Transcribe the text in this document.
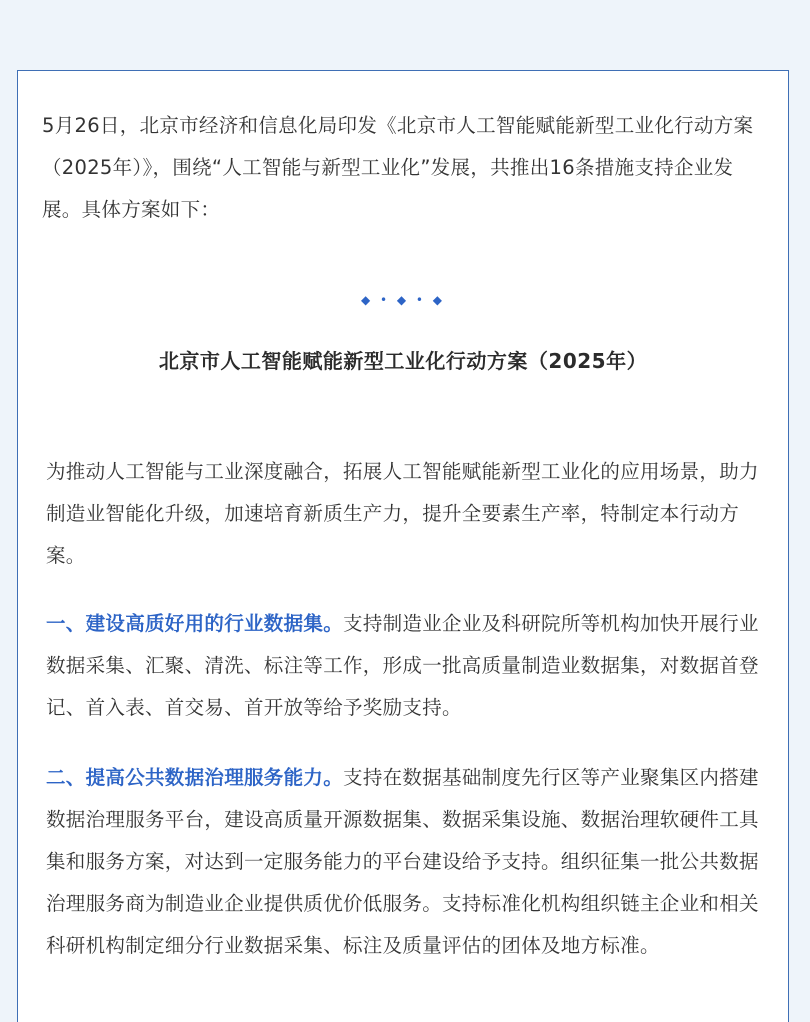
5月26日，北京市经济和信息化局印发《北京市人工智能赋能新型工业化行动方案（2025年）》，围绕“人工智能与新型工业化”发展，共推出16条措施支持企业发展。具体方案如下：

◆ • ◆ • ◆
北京市人工智能赋能新型工业化行动方案（2025年）

为推动人工智能与工业深度融合，拓展人工智能赋能新型工业化的应用场景，助力制造业智能化升级，加速培育新质生产力，提升全要素生产率，特制定本行动方案。

一、建设高质好用的行业数据集。支持制造业企业及科研院所等机构加快开展行业数据采集、汇聚、清洗、标注等工作，形成一批高质量制造业数据集，对数据首登记、首入表、首交易、首开放等给予奖励支持。

二、提高公共数据治理服务能力。支持在数据基础制度先行区等产业聚集区内搭建数据治理服务平台，建设高质量开源数据集、数据采集设施、数据治理软硬件工具集和服务方案，对达到一定服务能力的平台建设给予支持。组织征集一批公共数据治理服务商为制造业企业提供质优价低服务。支持标准化机构组织链主企业和相关科研机构制定细分行业数据采集、标注及质量评估的团体及地方标准。
